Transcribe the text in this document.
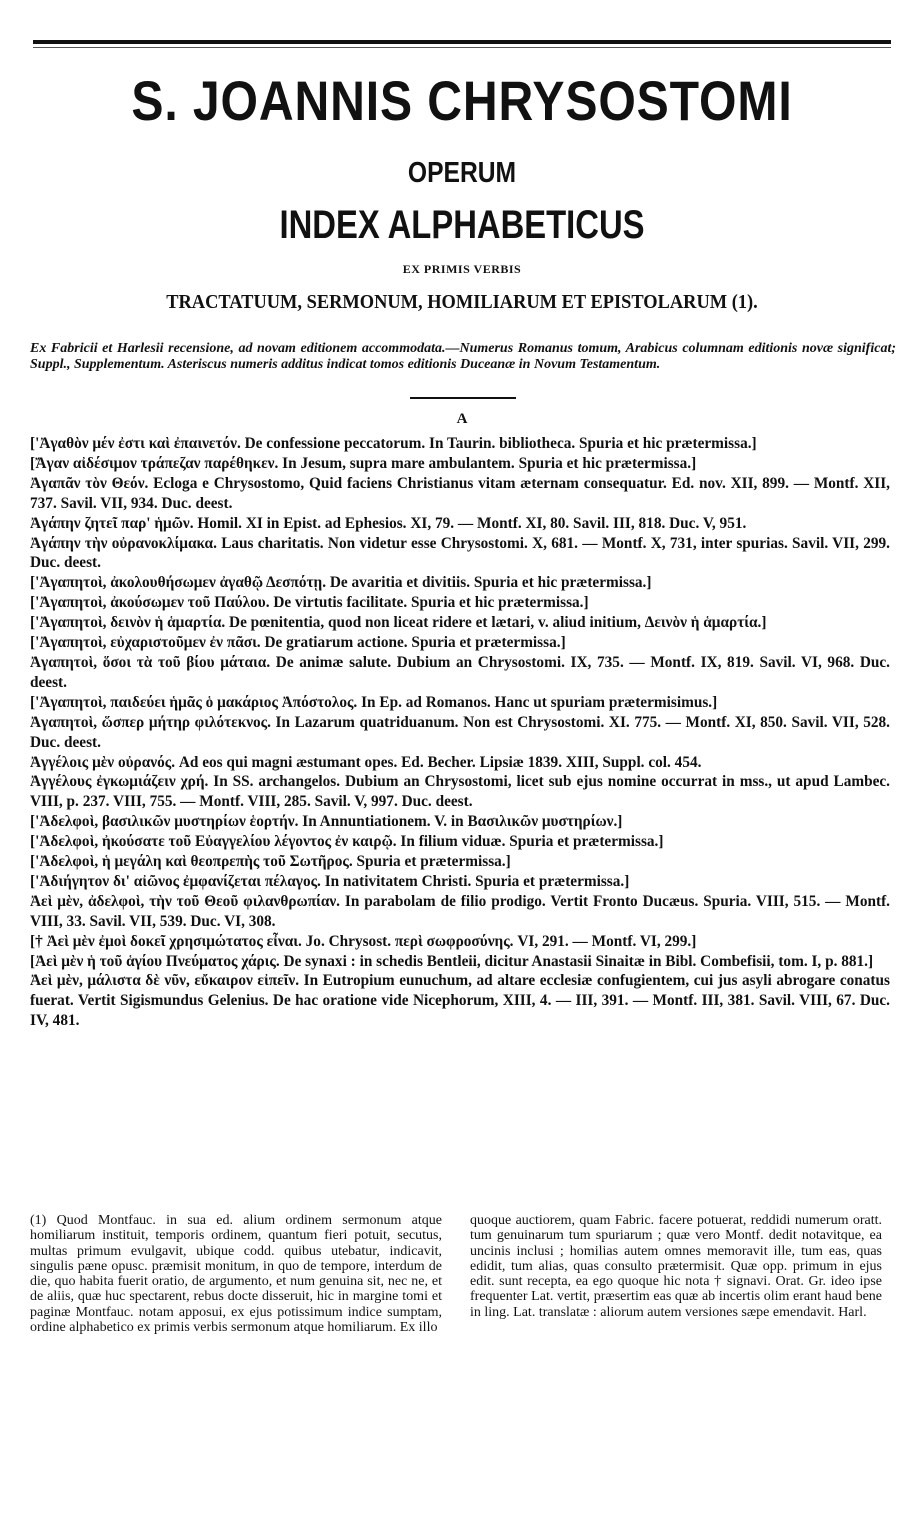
S. JOANNIS CHRYSOSTOMI
OPERUM
INDEX ALPHABETICUS
EX PRIMIS VERBIS
TRACTATUUM, SERMONUM, HOMILIARUM ET EPISTOLARUM (1).

Ex Fabricii et Harlesii recensione, ad novam editionem accommodata.—Numerus Romanus tomum, Arabicus columnam editionis novæ significat; Suppl., Supplementum. Asteriscus numeris additus indicat tomos editionis Duceanæ in Novum Testamentum.

A

['Ἀγαθὸν μέν ἐστι καὶ ἐπαινετόν. De confessione peccatorum. In Taurin. bibliotheca. Spuria et hic prætermissa.]

[Ἄγαν αἰδέσιμον τράπεζαν παρέθηκεν. In Jesum, supra mare ambulantem. Spuria et hic prætermissa.]

Ἀγαπᾶν τὸν Θεόν. Ecloga e Chrysostomo, Quid faciens Christianus vitam æternam consequatur. Ed. nov. XII, 899. — Montf. XII, 737. Savil. VII, 934. Duc. deest.

Ἀγάπην ζητεῖ παρ' ἡμῶν. Homil. XI in Epist. ad Ephesios. XI, 79. — Montf. XI, 80. Savil. III, 818. Duc. V, 951.

Ἀγάπην τὴν οὐρανοκλίμακα. Laus charitatis. Non videtur esse Chrysostomi. X, 681. — Montf. X, 731, inter spurias. Savil. VII, 299. Duc. deest.

['Ἀγαπητοὶ, ἀκολουθήσωμεν ἀγαθῷ Δεσπότῃ. De avaritia et divitiis. Spuria et hic prætermissa.]

['Ἀγαπητοὶ, ἀκούσωμεν τοῦ Παύλου. De virtutis facilitate. Spuria et hic prætermissa.]

['Ἀγαπητοὶ, δεινὸν ἡ ἁμαρτία. De pœnitentia, quod non liceat ridere et lætari, v. aliud initium, Δεινὸν ἡ ἁμαρτία.]

['Ἀγαπητοὶ, εὐχαριστοῦμεν ἐν πᾶσι. De gratiarum actione. Spuria et prætermissa.]

Ἀγαπητοὶ, ὅσοι τὰ τοῦ βίου μάταια. De animæ salute. Dubium an Chrysostomi. IX, 735. — Montf. IX, 819. Savil. VI, 968. Duc. deest.

['Ἀγαπητοὶ, παιδεύει ἡμᾶς ὁ μακάριος Ἀπόστολος. In Ep. ad Romanos. Hanc ut spuriam prætermisimus.]

Ἀγαπητοὶ, ὥσπερ μήτηρ φιλότεκνος. In Lazarum quatriduanum. Non est Chrysostomi. XI. 775. — Montf. XI, 850. Savil. VII, 528. Duc. deest.

Ἀγγέλοις μὲν οὐρανός. Ad eos qui magni æstumant opes. Ed. Becher. Lipsiæ 1839. XIII, Suppl. col. 454.

Ἀγγέλους ἐγκωμιάζειν χρή. In SS. archangelos. Dubium an Chrysostomi, licet sub ejus nomine occurrat in mss., ut apud Lambec. VIII, p. 237. VIII, 755. — Montf. VIII, 285. Savil. V, 997. Duc. deest.

['Ἀδελφοὶ, βασιλικῶν μυστηρίων ἑορτήν. In Annuntiationem. V. in Βασιλικῶν μυστηρίων.]

['Ἀδελφοὶ, ἠκούσατε τοῦ Εὐαγγελίου λέγοντος ἐν καιρῷ. In filium viduæ. Spuria et prætermissa.]

['Ἀδελφοὶ, ἡ μεγάλη καὶ θεοπρεπὴς τοῦ Σωτῆρος. Spuria et prætermissa.]

['Ἀδιήγητον δι' αἰῶνος ἐμφανίζεται πέλαγος. In nativitatem Christi. Spuria et prætermissa.]

Ἀεὶ μὲν, ἀδελφοὶ, τὴν τοῦ Θεοῦ φιλανθρωπίαν. In parabolam de filio prodigo. Vertit Fronto Ducæus. Spuria. VIII, 515. — Montf. VIII, 33. Savil. VII, 539. Duc. VI, 308.

[† Ἀεὶ μὲν ἐμοὶ δοκεῖ χρησιμώτατος εἶναι. Jo. Chrysost. περὶ σωφροσύνης. VI, 291. — Montf. VI, 299.]

[Ἀεὶ μὲν ἡ τοῦ ἁγίου Πνεύματος χάρις. De synaxi : in schedis Bentleii, dicitur Anastasii Sinaitæ in Bibl. Combefisii, tom. I, p. 881.]

Ἀεὶ μὲν, μάλιστα δὲ νῦν, εὔκαιρον εἰπεῖν. In Eutropium eunuchum, ad altare ecclesiæ confugientem, cui jus asyli abrogare conatus fuerat. Vertit Sigismundus Gelenius. De hac oratione vide Nicephorum, XIII, 4. — III, 391. — Montf. III, 381. Savil. VIII, 67. Duc. IV, 481.

(1) Quod Montfauc. in sua ed. alium ordinem sermonum atque homiliarum instituit, temporis ordinem, quantum fieri potuit, secutus, multas primum evulgavit, ubique codd. quibus utebatur, indicavit, singulis pæne opusc. præmisit monitum, in quo de tempore, interdum de die, quo habita fuerit oratio, de argumento, et num genuina sit, nec ne, et de aliis, quæ huc spectarent, rebus docte disseruit, hic in margine tomi et paginæ Montfauc. notam apposui, ex ejus potissimum indice sumptam, ordine alphabetico ex primis verbis sermonum atque homiliarum. Ex illo

quoque auctiorem, quam Fabric. facere potuerat, reddidi numerum oratt. tum genuinarum tum spuriarum ; quæ vero Montf. dedit notavitque, ea uncinis inclusi ; homilias autem omnes memoravit ille, tum eas, quas edidit, tum alias, quas consulto prætermisit. Quæ opp. primum in ejus edit. sunt recepta, ea ego quoque hic nota † signavi. Orat. Gr. ideo ipse frequenter Lat. vertit, præsertim eas quæ ab incertis olim erant haud bene in ling. Lat. translatæ : aliorum autem versiones sæpe emendavit. Harl.
